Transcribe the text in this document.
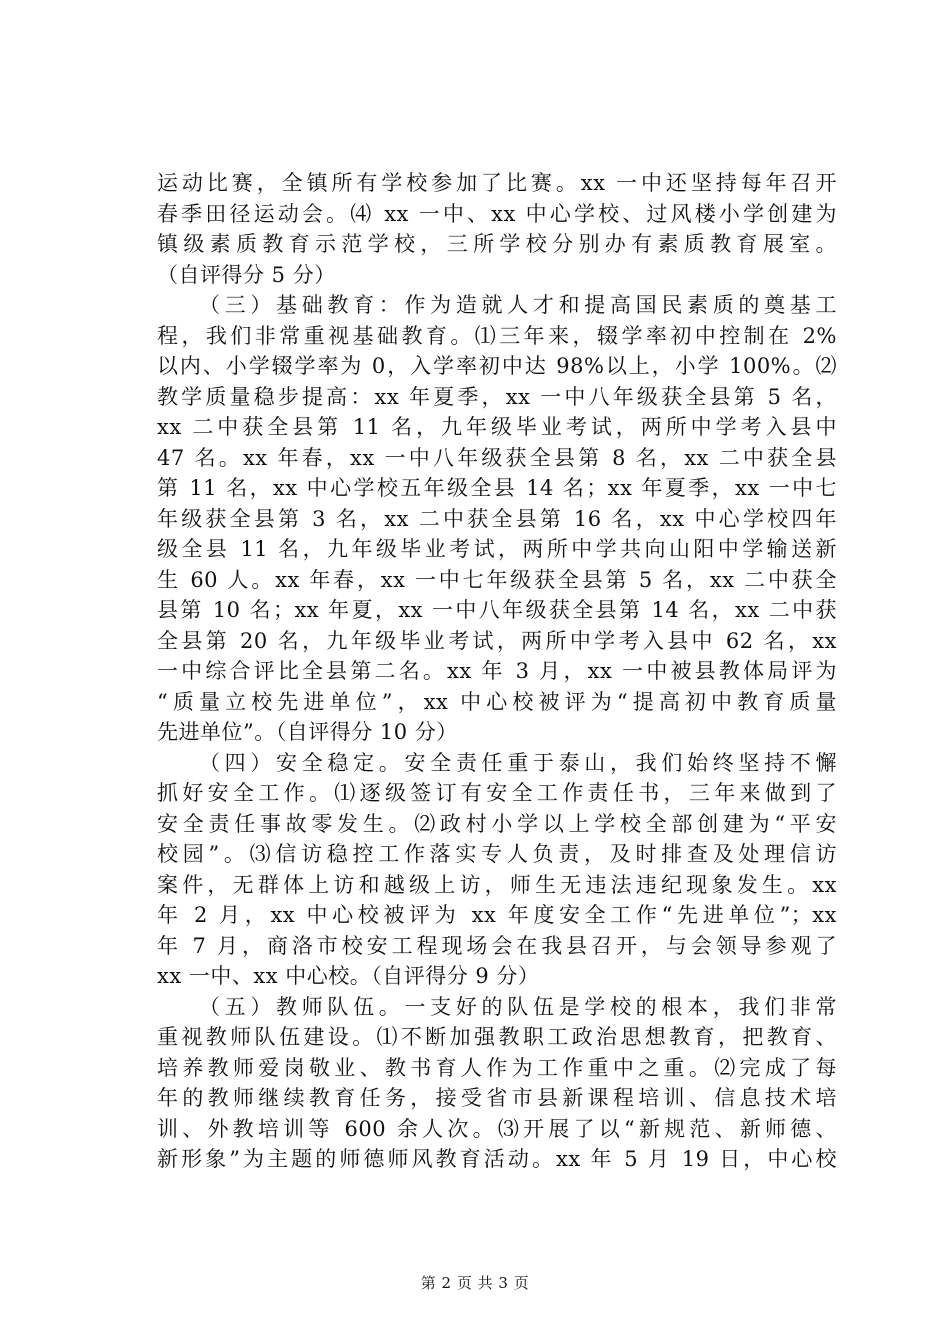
运动比赛，全镇所有学校参加了比赛。xx 一中还坚持每年召开
春季田径运动会。⑷ xx 一中、xx 中心学校、过风楼小学创建为
镇级素质教育示范学校，三所学校分别办有素质教育展室。
（自评得分 5 分）
（三）基础教育：作为造就人才和提高国民素质的奠基工
程，我们非常重视基础教育。⑴三年来，辍学率初中控制在 2%
以内、小学辍学率为 0，入学率初中达 98%以上，小学 100%。⑵
教学质量稳步提高：xx 年夏季，xx 一中八年级获全县第 5 名，
xx 二中获全县第 11 名，九年级毕业考试，两所中学考入县中
47 名。xx 年春，xx 一中八年级获全县第 8 名，xx 二中获全县
第 11 名，xx 中心学校五年级全县 14 名；xx 年夏季，xx 一中七
年级获全县第 3 名，xx 二中获全县第 16 名，xx 中心学校四年
级全县 11 名，九年级毕业考试，两所中学共向山阳中学输送新
生 60 人。xx 年春，xx 一中七年级获全县第 5 名，xx 二中获全
县第 10 名；xx 年夏，xx 一中八年级获全县第 14 名，xx 二中获
全县第 20 名，九年级毕业考试，两所中学考入县中 62 名，xx
一中综合评比全县第二名。xx 年 3 月，xx 一中被县教体局评为
“质量立校先进单位”，xx 中心校被评为“提高初中教育质量
先进单位”。（自评得分 10 分）
（四）安全稳定。安全责任重于泰山，我们始终坚持不懈
抓好安全工作。⑴逐级签订有安全工作责任书，三年来做到了
安全责任事故零发生。⑵政村小学以上学校全部创建为“平安
校园”。⑶信访稳控工作落实专人负责，及时排查及处理信访
案件，无群体上访和越级上访，师生无违法违纪现象发生。xx
年 2 月，xx 中心校被评为 xx 年度安全工作“先进单位”；xx
年 7 月，商洛市校安工程现场会在我县召开，与会领导参观了
xx 一中、xx 中心校。（自评得分 9 分）
（五）教师队伍。一支好的队伍是学校的根本，我们非常
重视教师队伍建设。⑴不断加强教职工政治思想教育，把教育、
培养教师爱岗敬业、教书育人作为工作重中之重。⑵完成了每
年的教师继续教育任务，接受省市县新课程培训、信息技术培
训、外教培训等 600 余人次。⑶开展了以“新规范、新师德、
新形象”为主题的师德师风教育活动。xx 年 5 月 19 日，中心校
第 2 页 共 3 页
